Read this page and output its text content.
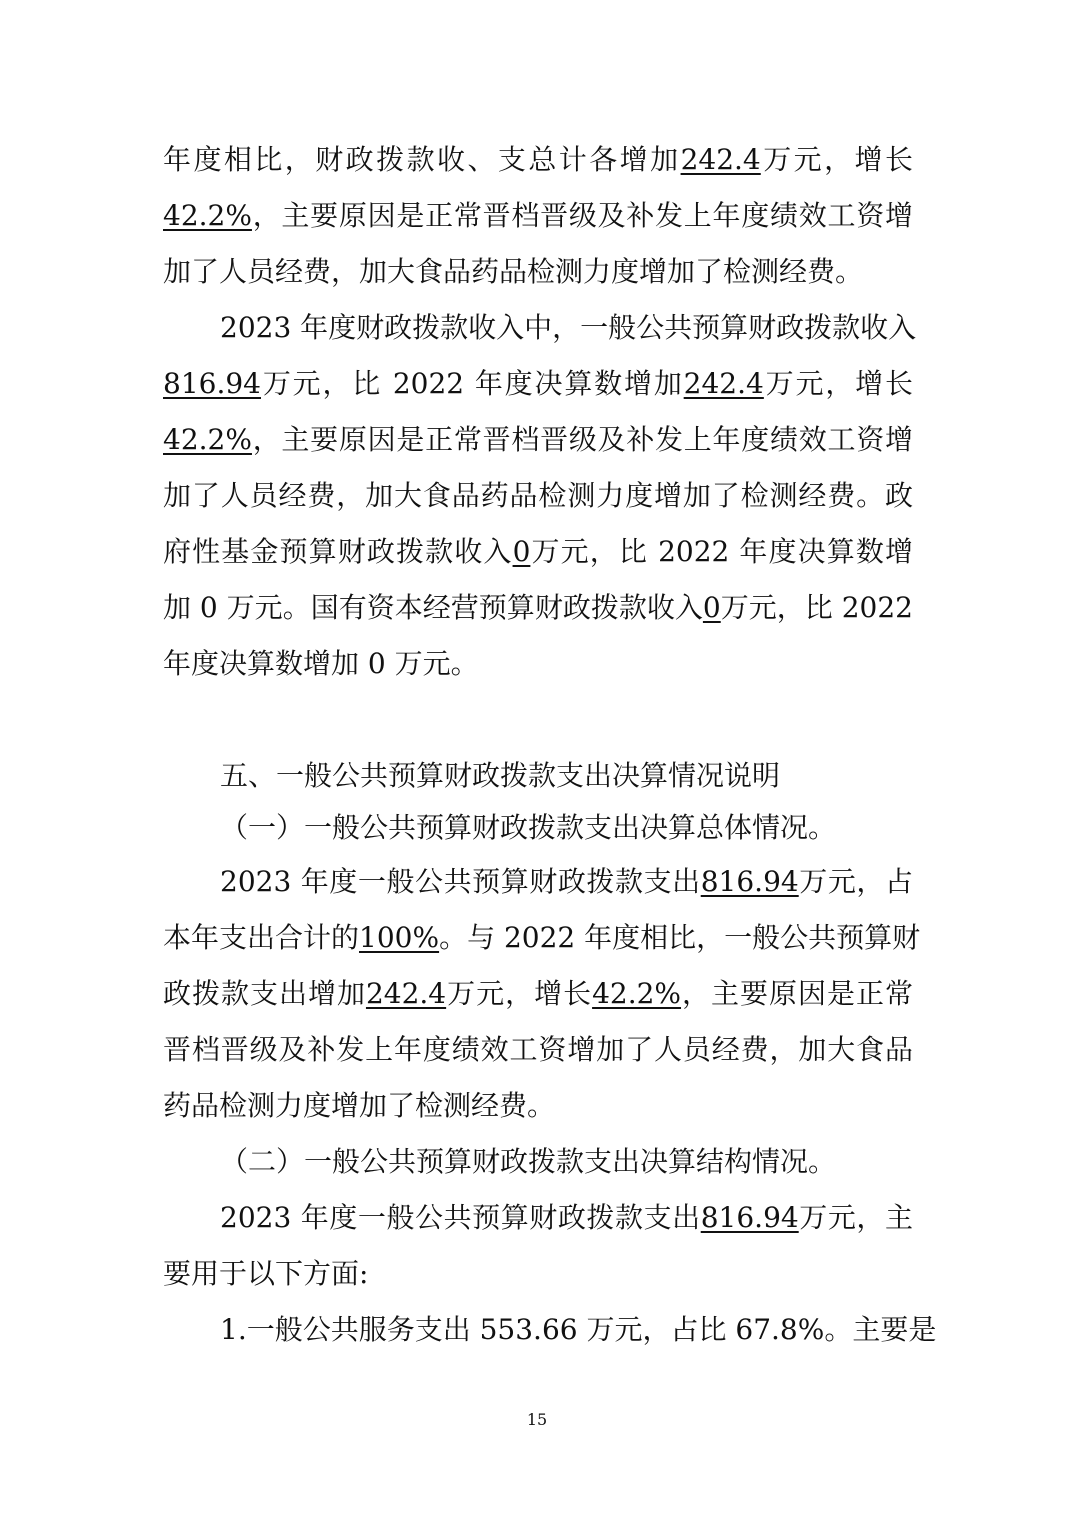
年度相比，财政拨款收、支总计各增加242.4万元，增长
42.2%，主要原因是正常晋档晋级及补发上年度绩效工资增
加了人员经费，加大食品药品检测力度增加了检测经费。
2023 年度财政拨款收入中，一般公共预算财政拨款收入
816.94万元，比 2022 年度决算数增加242.4万元，增长
42.2%，主要原因是正常晋档晋级及补发上年度绩效工资增
加了人员经费，加大食品药品检测力度增加了检测经费。政
府性基金预算财政拨款收入0万元，比 2022 年度决算数增
加 0 万元。国有资本经营预算财政拨款收入0万元，比 2022
年度决算数增加 0 万元。
五、一般公共预算财政拨款支出决算情况说明
（一）一般公共预算财政拨款支出决算总体情况。
2023 年度一般公共预算财政拨款支出816.94万元，占
本年支出合计的100%。与 2022 年度相比，一般公共预算财
政拨款支出增加242.4万元，增长42.2%，主要原因是正常
晋档晋级及补发上年度绩效工资增加了人员经费，加大食品
药品检测力度增加了检测经费。
（二）一般公共预算财政拨款支出决算结构情况。
2023 年度一般公共预算财政拨款支出816.94万元，主
要用于以下方面:
1.一般公共服务支出 553.66 万元，占比 67.8%。主要是
15
